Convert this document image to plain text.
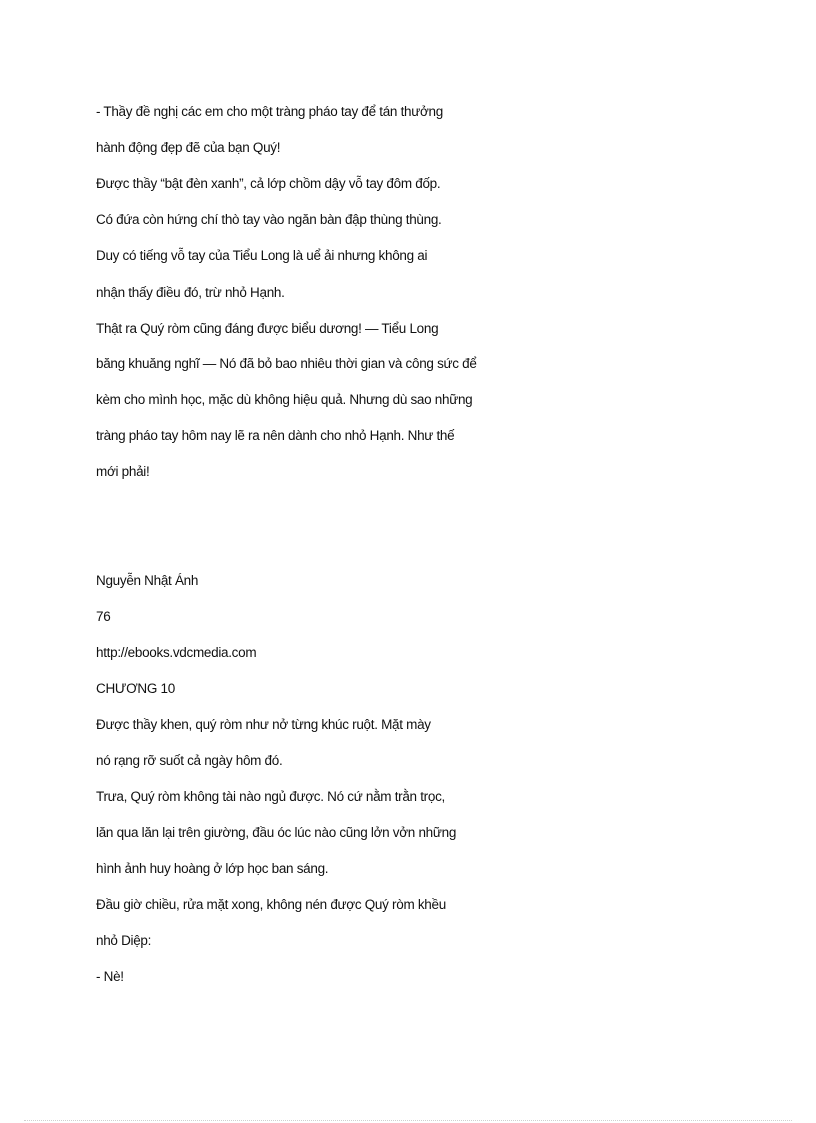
- Thầy đề nghị các em cho một tràng pháo tay để tán thưởng

hành động đẹp đẽ của bạn Quý!

Được thầy “bật đèn xanh”, cả lớp chồm dậy vỗ tay đôm đốp.

Có đứa còn hứng chí thò tay vào ngăn bàn đập thùng thùng.

Duy có tiếng vỗ tay của Tiểu Long là uể ải nhưng không ai

nhận thấy điều đó, trừ nhỏ Hạnh.

Thật ra Quý ròm cũng đáng được biểu dương! — Tiểu Long

băng khuăng nghĩ — Nó đã bỏ bao nhiêu thời gian và công sức để

kèm cho mình học, mặc dù không hiệu quả. Nhưng dù sao những

tràng pháo tay hôm nay lẽ ra nên dành cho nhỏ Hạnh. Như thế

mới phải!

Nguyễn Nhật Ánh

76

http://ebooks.vdcmedia.com

CHƯƠNG 10

Được thầy khen, quý ròm như nở từng khúc ruột. Mặt mày

nó rạng rỡ suốt cả ngày hôm đó.

Trưa, Quý ròm không tài nào ngủ được. Nó cứ nằm trằn trọc,

lăn qua lăn lại trên giường, đầu óc lúc nào cũng lởn vởn những

hình ảnh huy hoàng ở lớp học ban sáng.

Đầu giờ chiều, rửa mặt xong, không nén được Quý ròm khều

nhỏ Diệp:

- Nè!
